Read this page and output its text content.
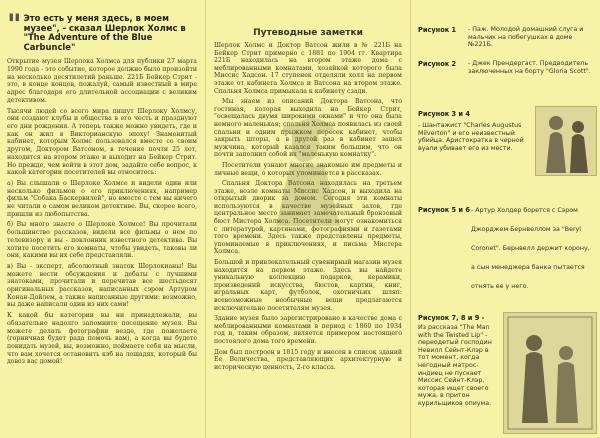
" Это есть у меня здесь, в моем музее", - сказал Шерлок Холмс в "The Adventure of the Blue Carbuncle"

Открытие музея Шерлока Холмса для публики 27 марта 1990 года - это событие, которое должно было произойти на несколько десятилетий раньше. 221Б Бейкер Стрит - это, в конце концов, пожалуй, самый известный в мире адрес благодаря его длительной ассоциации с великим детективом.

Тысячи людей со всего мира пишут Шерлоку Холмсу, они создают клубы и общества в его честь и празднуют его дни рождения. А теперь также можно увидеть, где и как он жил в Викторианскую эпоху! Знаменитый кабинет, которым Холмс пользовался вместе со своим другом, Доктором Ватсоном, в течение почти 25 лет, находится на втором этаже и выходит на Бейкер Стрит. Но прежде, чем войти в этот дом, задайте себе вопрос, к какой категории посетителей вы относитесь:

а) Вы слышали о Шерлоке Холмсе и видели один или несколько фильмов о его приключениях, например фильм "Собака Баскервилей", но вместе с тем вы ничего не читали о самом великом детективе. Вы, скорее всего, пришли из любопытства.

б) Вы много знаете о Шерлоке Холмсе! Вы прочитали большинство рассказов, видели все фильмы о нем по телевизору и вы - поклонник известного детектива. Вы хотите посетить его комнаты, чтобы увидеть, таковы ли они, какими вы их себе представляли.

в) Вы - эксперт, абсолютный знаток Шерлокианы! Вы можете вести обсуждения и дебаты с лучшими знатоками, прочитали и перечитав все шестьдесят оригинальных рассказов, написанных сэром Артуром Конан-Дойлем, а также написанные другими: возможно, вы даже написали один из них сами!

К какой бы категории вы ни принадлежали, вы обязательно надолго запомните посещение музея. Вы можете делать фотографии везде, где пожелаете (горничная будет рада помочь вам), а когда вы будете покидать музей, вы, возможно, поймаете себя на мысли, что вам хочется остановить кэб на лошадях, который бы довез вас домой!

Путеводные заметки

Шерлок Холмс и Доктор Ватсон жили в № 221Б на Бейкер Стрит примерно с 1881 по 1904 гг. Квартира 221Б находилась на втором этаже дома с меблированными комнатами, хозяйкой которого была Миссис Хадсон. 17 ступенек отделяли холл на первом этаже от кабинета Холмса и Ватсона на втором этаже. Спальня Холмса примыкала к кабинету сзади.

Мы знаем из описаний Доктора Ватсона, что гостиная, которая выходила на Бейкер Стрит, "освещалась двумя широкими окнами" и что она была немного маленькая; спальня Холмса появилась из своей спальни и одним прыжком пересек кабинет, чтобы закрыть шторы, а в другой раз в кабинет зашел мужчина, который казался таким большим, что он почти заполнил собой их "маленькую комнатку".

Посетители узнают многие знакомые им предметы и личные вещи, о которых упоминается в рассказах.

Спальня Доктора Ватсона находилась на третьем этаже, возле комнаты Миссис Хадсон, и выходила на открытый дворик за домом. Сегодня эти комнаты используются в качестве музейных залов, где центральное место занимает замечательный бронзовый бюст Мистера Холмса. Посетители могут ознакомиться с литературой, картинами, фотографиями и газетами того времени. Здесь также представлены предметы, упоминаемые в приключениях, и письма Мистера Холмса.

Большой и привлекательный сувенирный магазин музея находится на первом этаже. Здесь вы найдете уникальную коллекцию подарков, керамики, произведений искусства, бюстов, картин, книг, игральных карт, футболок, охотничьих шляп: всевозможные необычные вещи предлагаются исключительно посетителям музея.

Здание музея было зарегистрировано в качестве дома с меблированными комнатами в период с 1860 по 1934 год и, таким образом, является примером настоящего постоялого дома того времени.

Дом был построен в 1815 году и внесен в список зданий Ее Величества, представляющих архитектурную и историческую ценность, 2-го класса.

Рисунок 1	- Паж. Молодой домашний слуга и мальчик на побегушках в доме №221Б.
Рисунок 2	- Джек Прендергаст. Предводитель заключенных на борту "Gloria Scott".
Рисунок 3 и 4
- Шантажист "Charles Augustus Milverton" и его неизвестный убийца. Аристократка в черной вуали убивает его из мести.
Рисунок 5 и 6 - Артур Холдер борется с Сэром Джорджем Бернвеллом за "Beryl Coronet". Бернвелл держит корону, а сын менеджера банка пытается отнять ее у него.
Рисунок 7, 8 и 9 -
Из рассказа "The Man with the Twisted Lip" - переодетый господин Невилл Сейнт-Клэр в тот момент, когда негодный матрос-индиец не пускает Миссис Сейнт-Клэр, которая ищет своего мужа, в притон курильщиков опиума.
